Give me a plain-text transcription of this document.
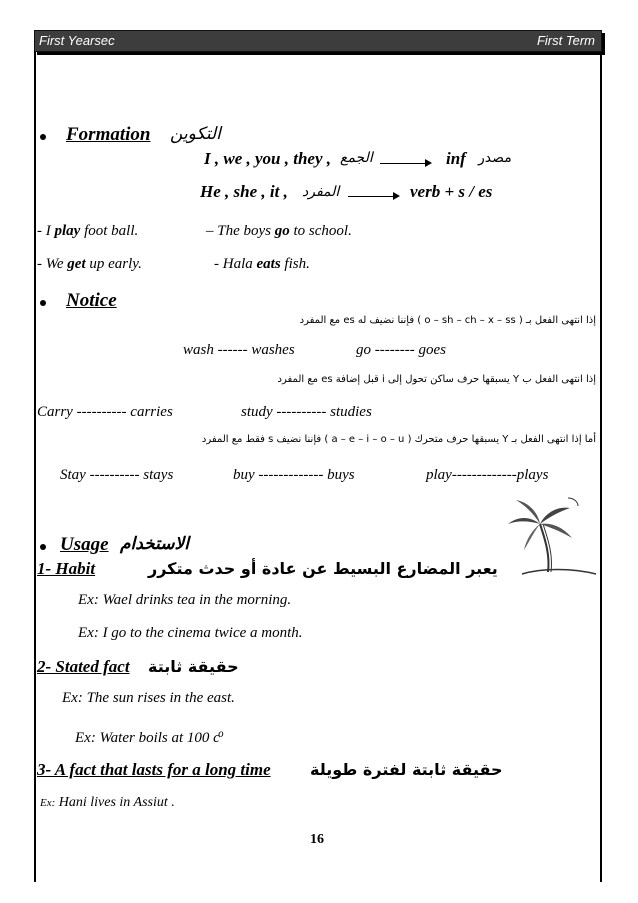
First Yearsec	First Term
Formation التكوين
I , we , you , they , الجمع	inf مصدر
He , she , it , المفرد	verb + s / es
- I play foot ball.	– The boys go to school.
- We get up early.	- Hala eats fish.
Notice
إذا انتهى الفعل بـ ( o – sh – ch – x – ss ) فإننا نضيف له es مع المفرد
wash ------ washes	go -------- goes
إذا انتهى الفعل ب Y يسبقها حرف ساكن تحول إلى i قبل إضافة es مع المفرد
Carry ---------- carries	study ---------- studies
أما إذا انتهى الفعل بـ Y يسبقها حرف متحرك ( a – e – i – o – u ) فإننا نضيف s فقط مع المفرد
Stay ---------- stays	buy ------------- buys	play-------------plays
Usage الاستخدام
1- Habit	يعبر المضارع البسيط عن عادة أو حدث متكرر
Ex: Wael drinks tea in the morning.
Ex: I go to the cinema twice a month.
2- Stated fact حقيقة ثابتة
Ex: The sun rises in the east.
Ex: Water boils at 100 c
3- A fact that lasts for a long time حقيقة ثابتة لفترة طويلة
Ex: Hani lives in Assiut .
16
